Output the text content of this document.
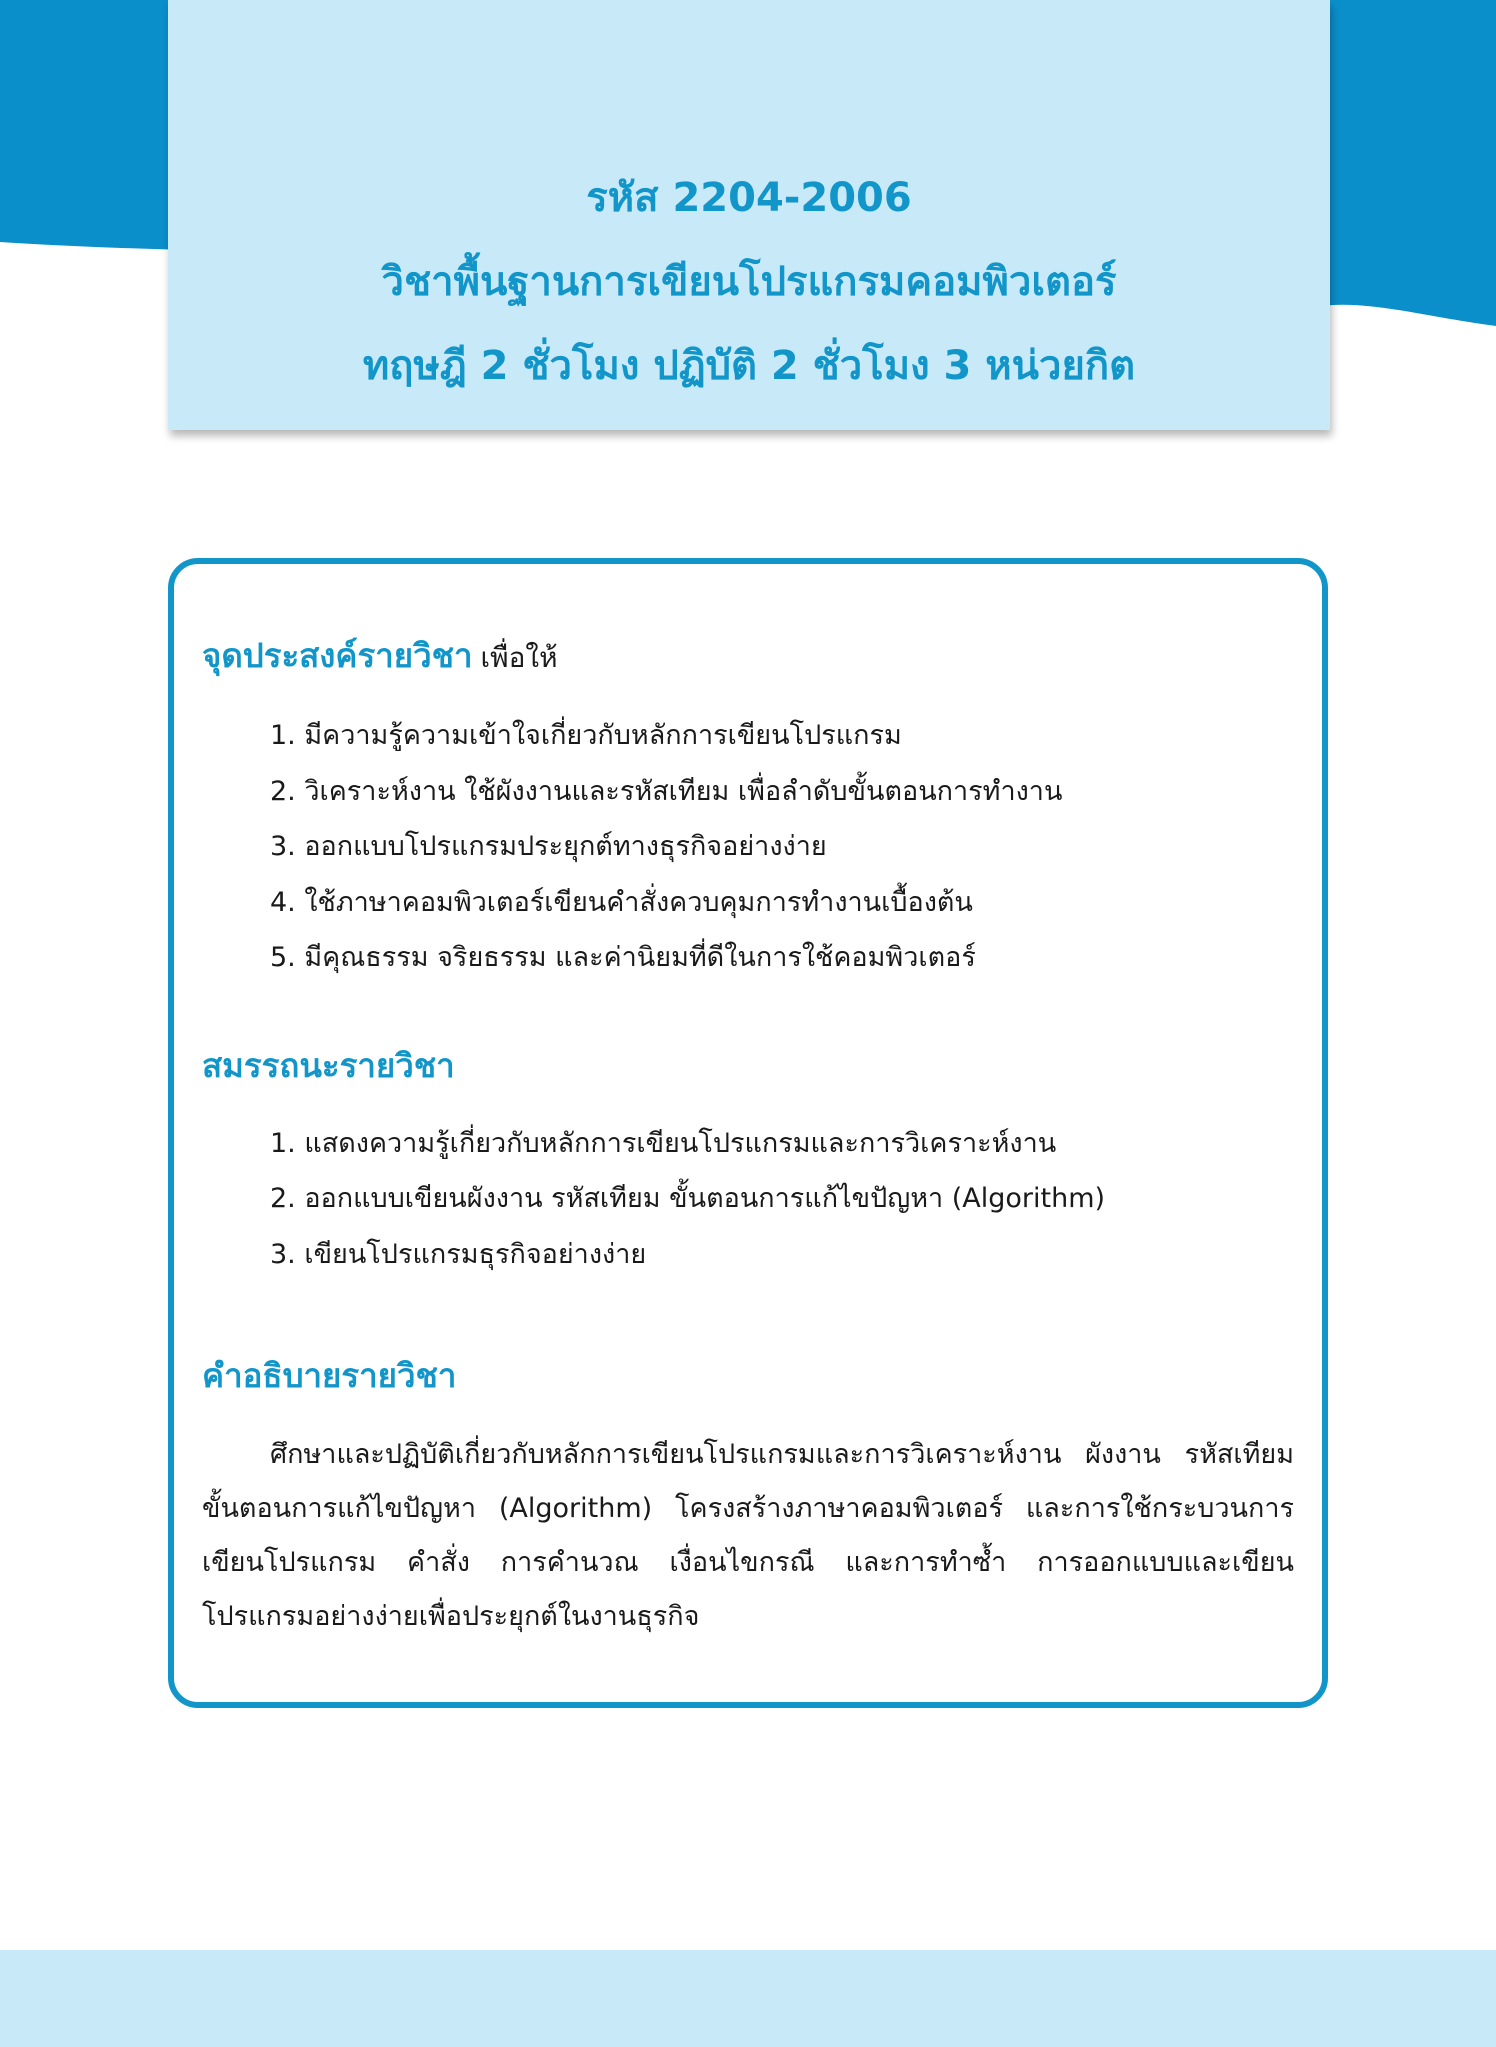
รหัส 2204-2006
วิชาพื้นฐานการเขียนโปรแกรมคอมพิวเตอร์
ทฤษฎี 2 ชั่วโมง ปฏิบัติ 2 ชั่วโมง 3 หน่วยกิต
จุดประสงค์รายวิชา เพื่อให้
1. มีความรู้ความเข้าใจเกี่ยวกับหลักการเขียนโปรแกรม
2. วิเคราะห์งาน ใช้ผังงานและรหัสเทียม เพื่อลำดับขั้นตอนการทำงาน
3. ออกแบบโปรแกรมประยุกต์ทางธุรกิจอย่างง่าย
4. ใช้ภาษาคอมพิวเตอร์เขียนคำสั่งควบคุมการทำงานเบื้องต้น
5. มีคุณธรรม จริยธรรม และค่านิยมที่ดีในการใช้คอมพิวเตอร์
สมรรถนะรายวิชา
1. แสดงความรู้เกี่ยวกับหลักการเขียนโปรแกรมและการวิเคราะห์งาน
2. ออกแบบเขียนผังงาน รหัสเทียม ขั้นตอนการแก้ไขปัญหา (Algorithm)
3. เขียนโปรแกรมธุรกิจอย่างง่าย
คำอธิบายรายวิชา

ศึกษาและปฏิบัติเกี่ยวกับหลักการเขียนโปรแกรมและการวิเคราะห์งาน ผังงาน รหัสเทียม ขั้นตอนการแก้ไขปัญหา (Algorithm) โครงสร้างภาษาคอมพิวเตอร์ และการใช้กระบวนการเขียนโปรแกรม คำสั่ง การคำนวณ เงื่อนไขกรณี และการทำซ้ำ การออกแบบและเขียนโปรแกรมอย่างง่ายเพื่อประยุกต์ในงานธุรกิจ
